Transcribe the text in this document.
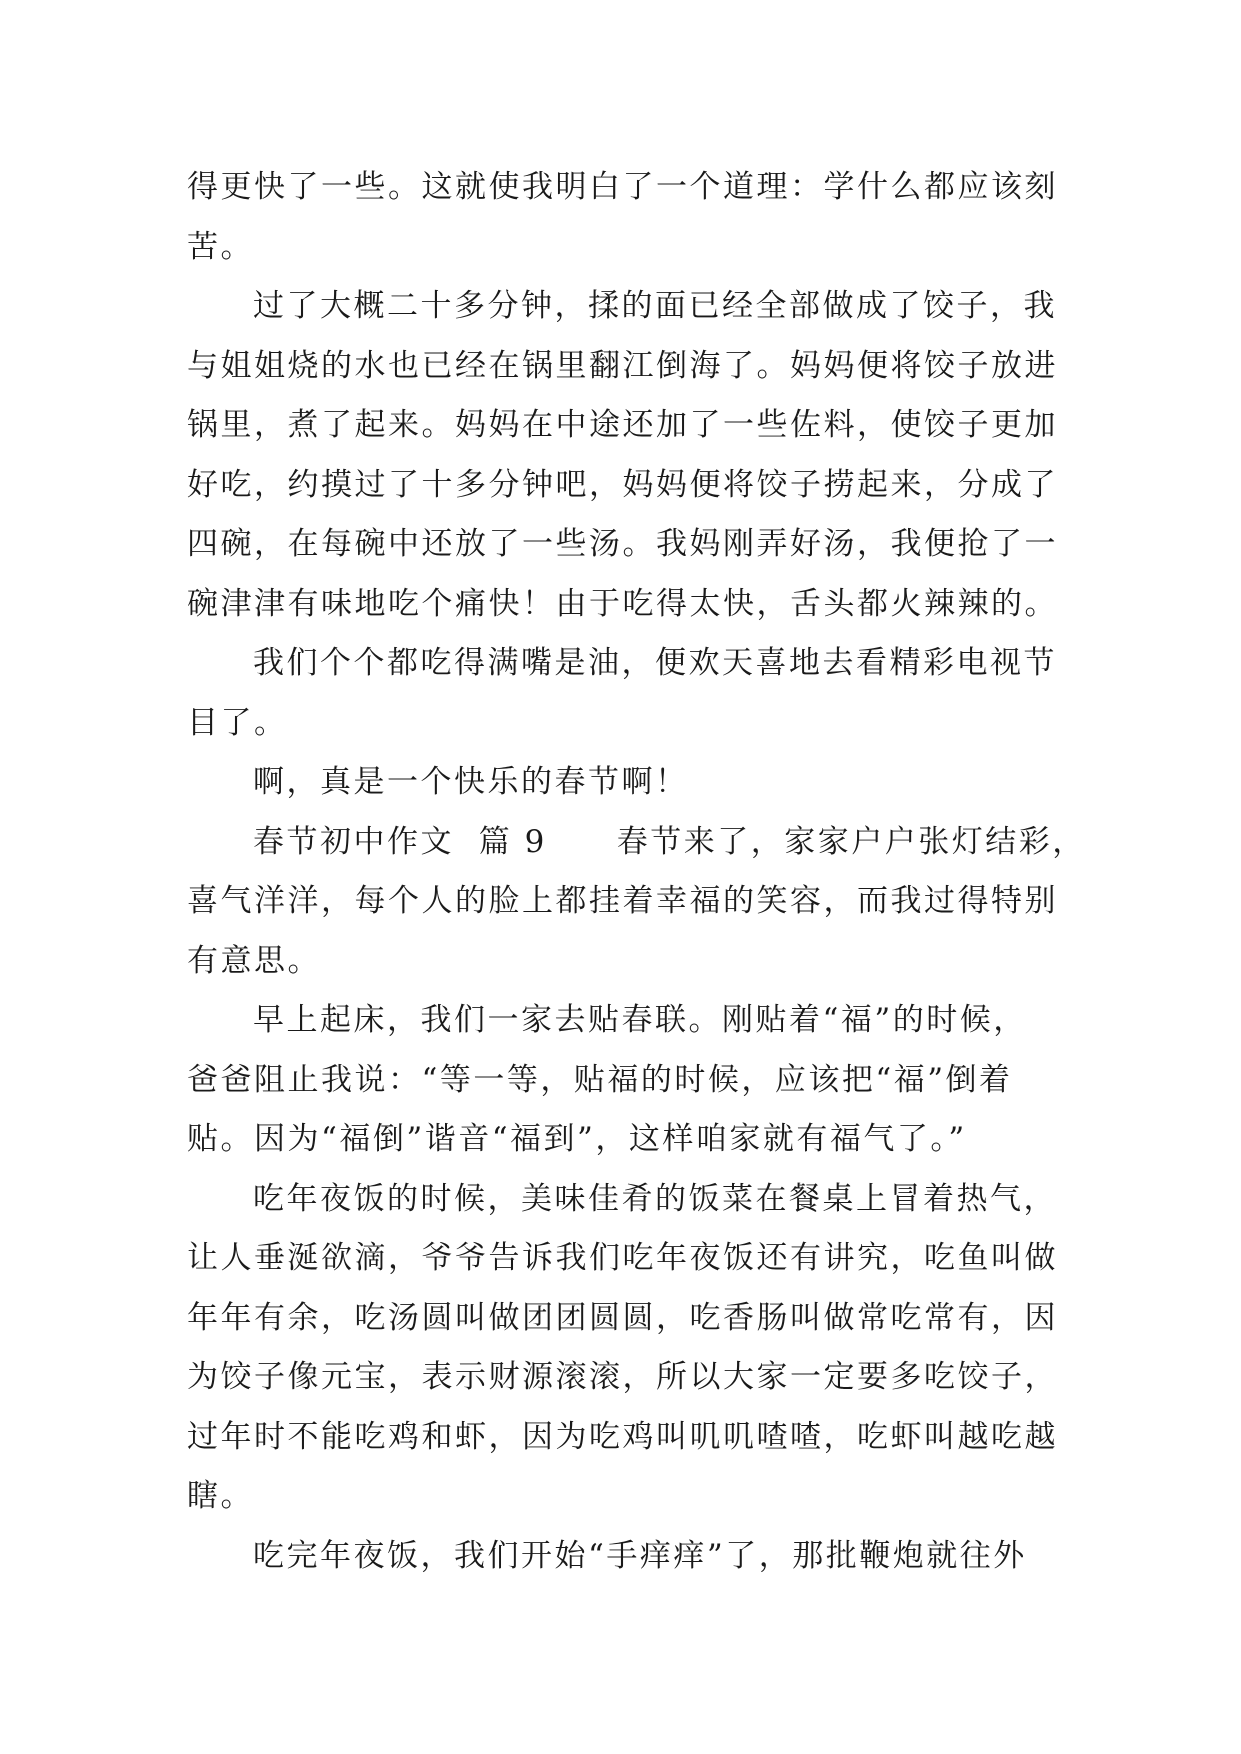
得更快了一些。这就使我明白了一个道理：学什么都应该刻
苦。
过了大概二十多分钟，揉的面已经全部做成了饺子，我
与姐姐烧的水也已经在锅里翻江倒海了。妈妈便将饺子放进
锅里，煮了起来。妈妈在中途还加了一些佐料，使饺子更加
好吃，约摸过了十多分钟吧，妈妈便将饺子捞起来，分成了
四碗，在每碗中还放了一些汤。我妈刚弄好汤，我便抢了一
碗津津有味地吃个痛快！由于吃得太快，舌头都火辣辣的。
我们个个都吃得满嘴是油，便欢天喜地去看精彩电视节
目了。
啊，真是一个快乐的春节啊！
春节初中作文 篇 9 春节来了，家家户户张灯结彩，
喜气洋洋，每个人的脸上都挂着幸福的笑容，而我过得特别
有意思。
早上起床，我们一家去贴春联。刚贴着“福”的时候，
爸爸阻止我说：“等一等，贴福的时候，应该把“福”倒着
贴。因为“福倒”谐音“福到”，这样咱家就有福气了。”
吃年夜饭的时候，美味佳肴的饭菜在餐桌上冒着热气，
让人垂涎欲滴，爷爷告诉我们吃年夜饭还有讲究，吃鱼叫做
年年有余，吃汤圆叫做团团圆圆，吃香肠叫做常吃常有，因
为饺子像元宝，表示财源滚滚，所以大家一定要多吃饺子，
过年时不能吃鸡和虾，因为吃鸡叫叽叽喳喳，吃虾叫越吃越
瞎。
吃完年夜饭，我们开始“手痒痒”了，那批鞭炮就往外
